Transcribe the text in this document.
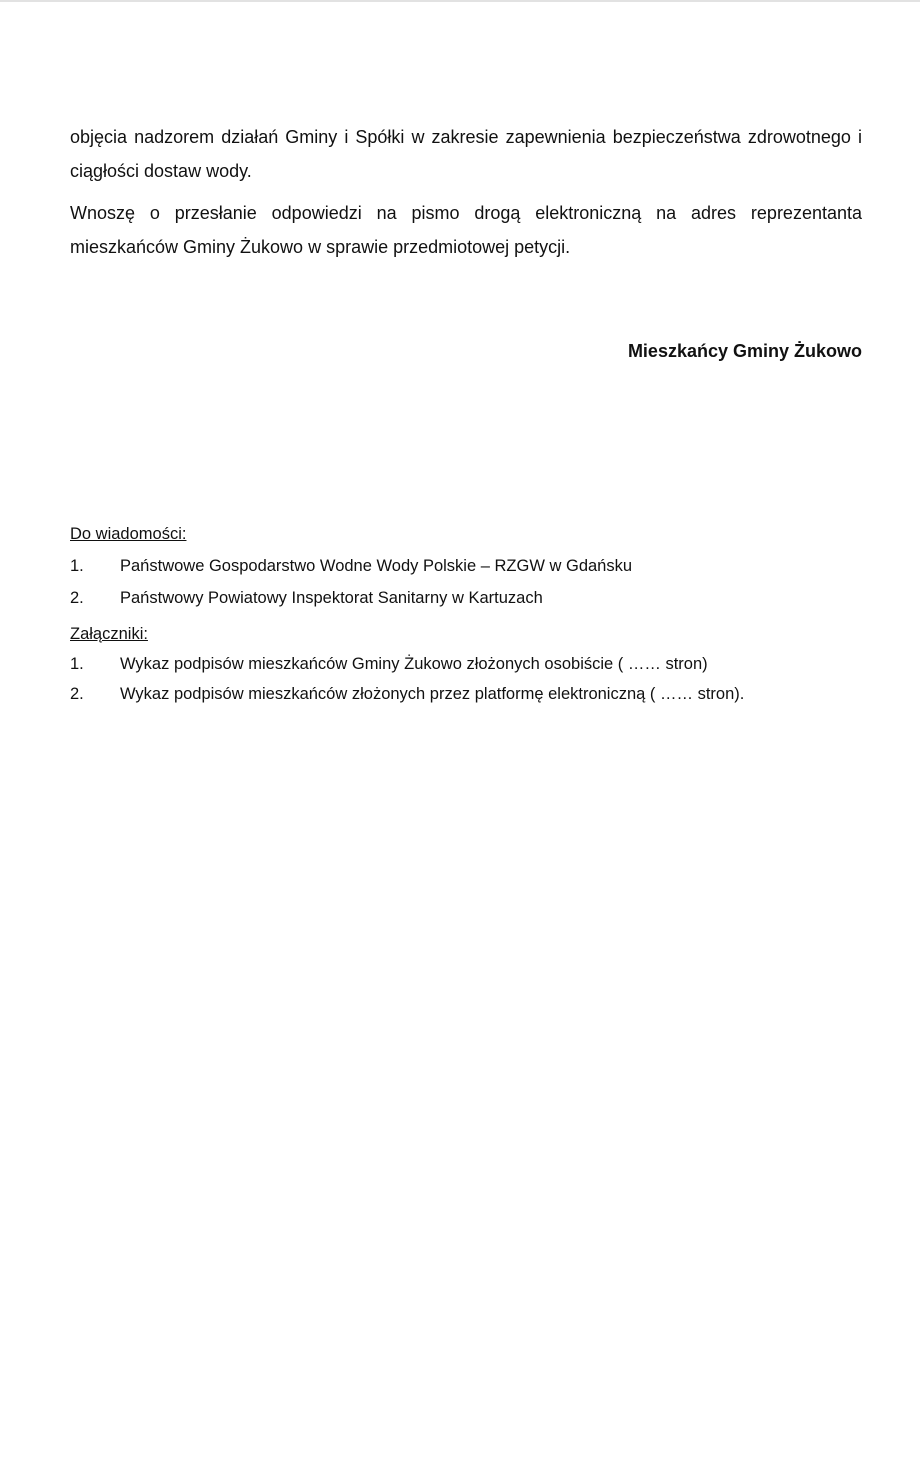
objęcia nadzorem działań Gminy i Spółki w zakresie zapewnienia bezpieczeństwa zdrowotnego i ciągłości dostaw wody.

Wnoszę o przesłanie odpowiedzi na pismo drogą elektroniczną na adres reprezentanta mieszkańców Gminy Żukowo w sprawie przedmiotowej petycji.

Mieszkańcy Gminy Żukowo
Do wiadomości:
1.	Państwowe Gospodarstwo Wodne Wody Polskie – RZGW w Gdańsku
2.	Państwowy Powiatowy Inspektorat Sanitarny w Kartuzach
Załączniki:
1.	Wykaz podpisów mieszkańców Gminy Żukowo złożonych osobiście ( …… stron)
2.	Wykaz podpisów mieszkańców złożonych przez platformę elektroniczną ( …… stron).
